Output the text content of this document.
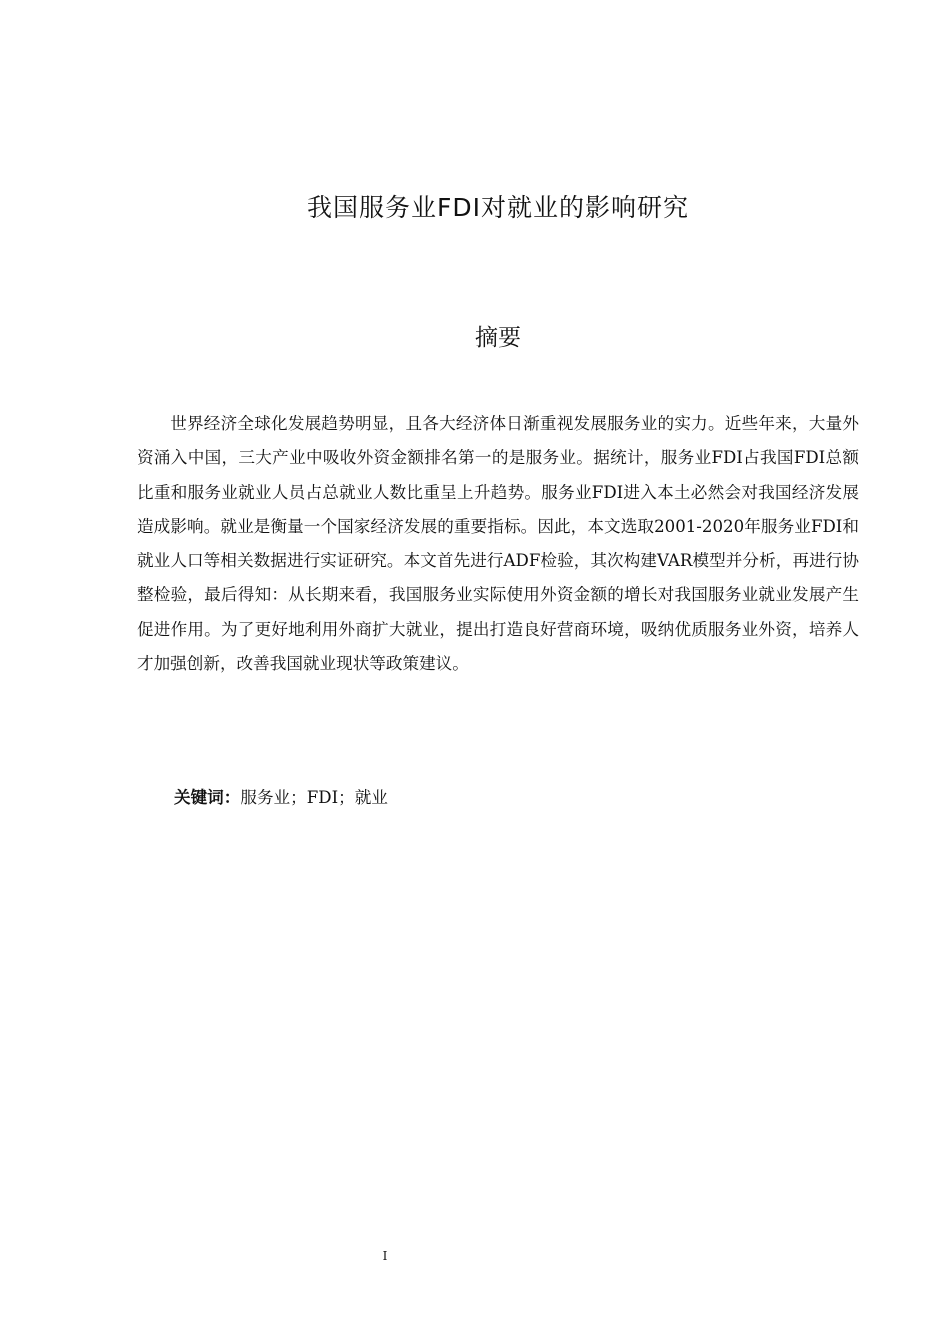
我国服务业FDI对就业的影响研究
摘要

世界经济全球化发展趋势明显，且各大经济体日渐重视发展服务业的实力。近些年来，大量外资涌入中国，三大产业中吸收外资金额排名第一的是服务业。据统计，服务业FDI占我国FDI总额比重和服务业就业人员占总就业人数比重呈上升趋势。服务业FDI进入本土必然会对我国经济发展造成影响。就业是衡量一个国家经济发展的重要指标。因此，本文选取2001-2020年服务业FDI和就业人口等相关数据进行实证研究。本文首先进行ADF检验，其次构建VAR模型并分析，再进行协整检验，最后得知：从长期来看，我国服务业实际使用外资金额的增长对我国服务业就业发展产生促进作用。为了更好地利用外商扩大就业，提出打造良好营商环境，吸纳优质服务业外资，培养人才加强创新，改善我国就业现状等政策建议。

关键词：服务业；FDI；就业

I
